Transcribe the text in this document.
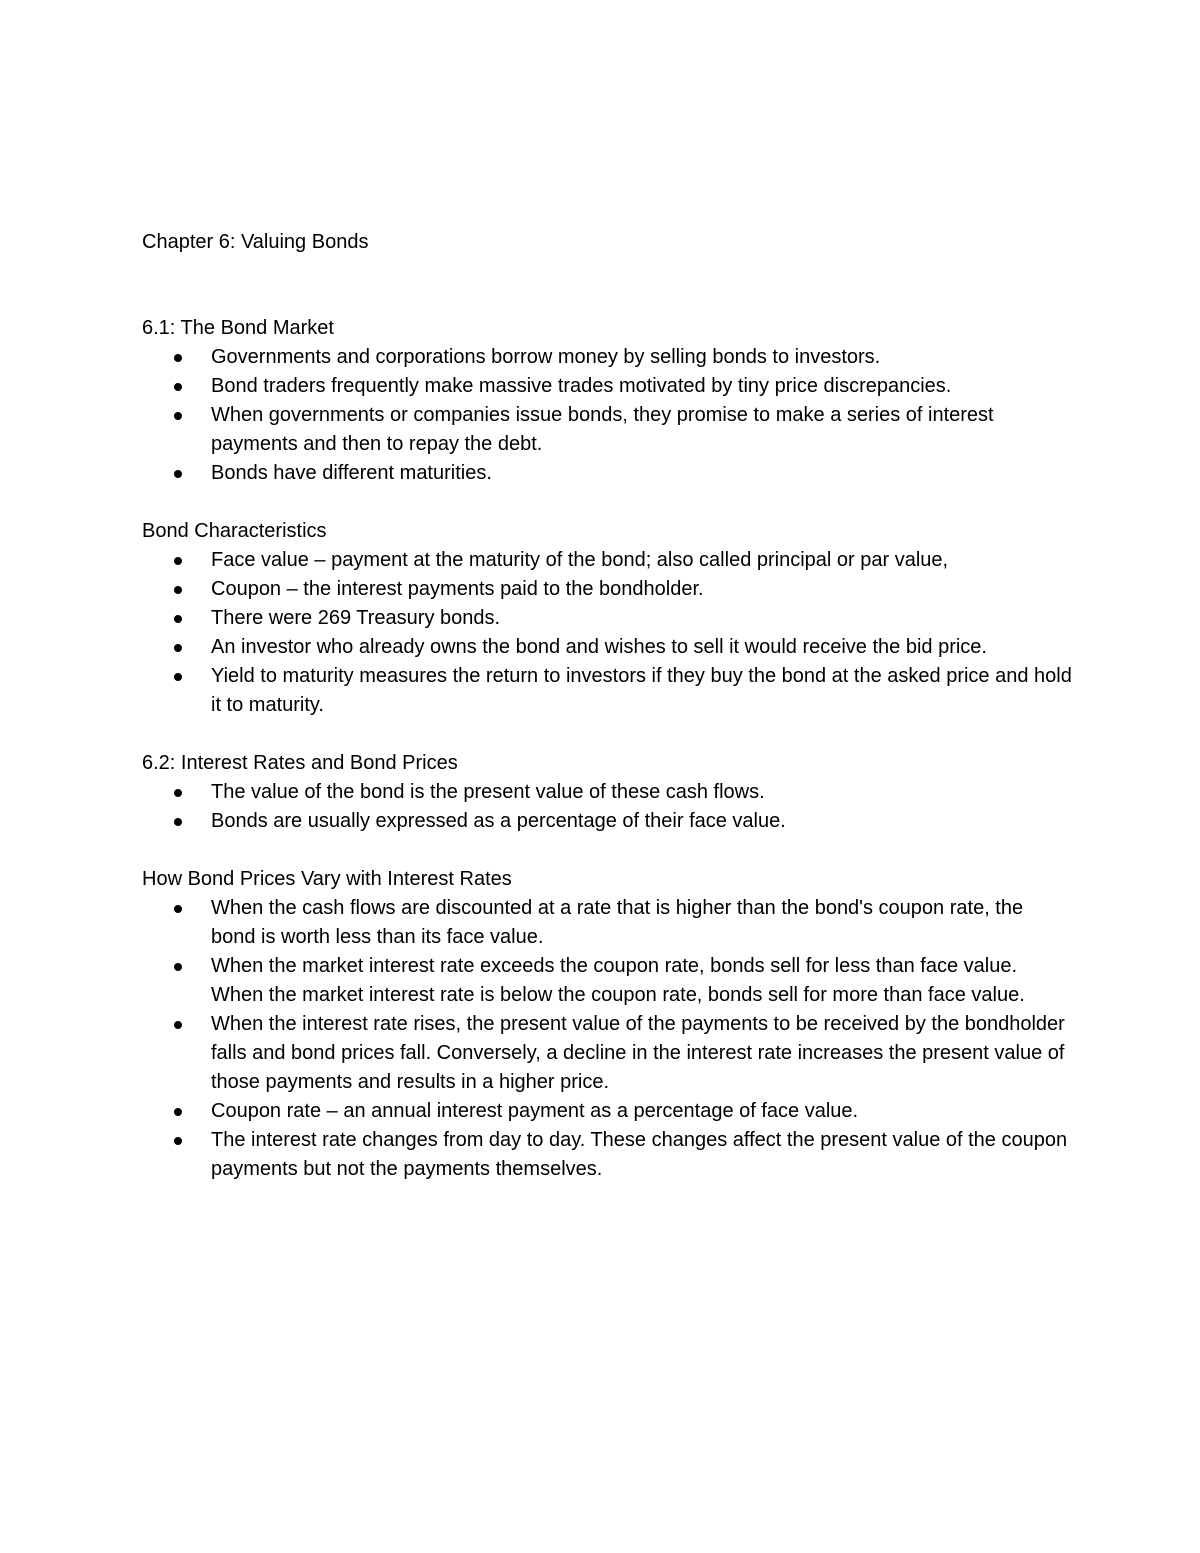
Chapter 6: Valuing Bonds
6.1: The Bond Market
Governments and corporations borrow money by selling bonds to investors.
Bond traders frequently make massive trades motivated by tiny price discrepancies.
When governments or companies issue bonds, they promise to make a series of interest payments and then to repay the debt.
Bonds have different maturities.
Bond Characteristics
Face value – payment at the maturity of the bond; also called principal or par value,
Coupon – the interest payments paid to the bondholder.
There were 269 Treasury bonds.
An investor who already owns the bond and wishes to sell it would receive the bid price.
Yield to maturity measures the return to investors if they buy the bond at the asked price and hold it to maturity.
6.2: Interest Rates and Bond Prices
The value of the bond is the present value of these cash flows.
Bonds are usually expressed as a percentage of their face value.
How Bond Prices Vary with Interest Rates
When the cash flows are discounted at a rate that is higher than the bond's coupon rate, the bond is worth less than its face value.
When the market interest rate exceeds the coupon rate, bonds sell for less than face value. When the market interest rate is below the coupon rate, bonds sell for more than face value.
When the interest rate rises, the present value of the payments to be received by the bondholder falls and bond prices fall. Conversely, a decline in the interest rate increases the present value of those payments and results in a higher price.
Coupon rate – an annual interest payment as a percentage of face value.
The interest rate changes from day to day. These changes affect the present value of the coupon payments but not the payments themselves.
